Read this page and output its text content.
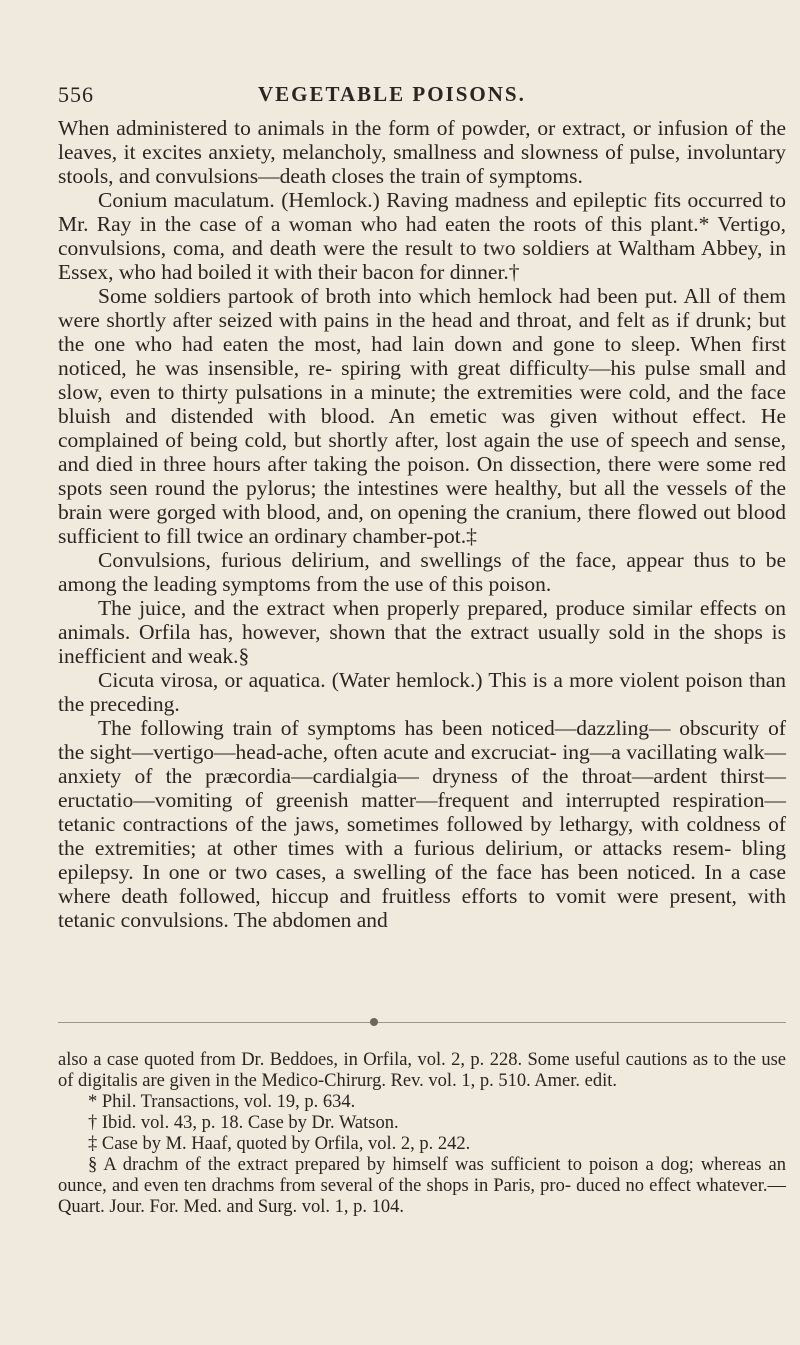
556	VEGETABLE POISONS.

When administered to animals in the form of powder, or extract, or infusion of the leaves, it excites anxiety, melancholy, smallness and slowness of pulse, involuntary stools, and convulsions—death closes the train of symptoms.

Conium maculatum. (Hemlock.) Raving madness and epileptic fits occurred to Mr. Ray in the case of a woman who had eaten the roots of this plant.* Vertigo, convulsions, coma, and death were the result to two soldiers at Waltham Abbey, in Essex, who had boiled it with their bacon for dinner.†

Some soldiers partook of broth into which hemlock had been put. All of them were shortly after seized with pains in the head and throat, and felt as if drunk; but the one who had eaten the most, had lain down and gone to sleep. When first noticed, he was insensible, re- spiring with great difficulty—his pulse small and slow, even to thirty pulsations in a minute; the extremities were cold, and the face bluish and distended with blood. An emetic was given without effect. He complained of being cold, but shortly after, lost again the use of speech and sense, and died in three hours after taking the poison. On dissection, there were some red spots seen round the pylorus; the intestines were healthy, but all the vessels of the brain were gorged with blood, and, on opening the cranium, there flowed out blood sufficient to fill twice an ordinary chamber-pot.‡

Convulsions, furious delirium, and swellings of the face, appear thus to be among the leading symptoms from the use of this poison.

The juice, and the extract when properly prepared, produce similar effects on animals. Orfila has, however, shown that the extract usually sold in the shops is inefficient and weak.§

Cicuta virosa, or aquatica. (Water hemlock.) This is a more violent poison than the preceding.

The following train of symptoms has been noticed—dazzling— obscurity of the sight—vertigo—head-ache, often acute and excruciat- ing—a vacillating walk—anxiety of the præcordia—cardialgia— dryness of the throat—ardent thirst—eructatio—vomiting of greenish matter—frequent and interrupted respiration—tetanic contractions of the jaws, sometimes followed by lethargy, with coldness of the extremities; at other times with a furious delirium, or attacks resem- bling epilepsy. In one or two cases, a swelling of the face has been noticed. In a case where death followed, hiccup and fruitless efforts to vomit were present, with tetanic convulsions. The abdomen and

also a case quoted from Dr. Beddoes, in Orfila, vol. 2, p. 228. Some useful cautions as to the use of digitalis are given in the Medico-Chirurg. Rev. vol. 1, p. 510. Amer. edit.

* Phil. Transactions, vol. 19, p. 634.

† Ibid. vol. 43, p. 18. Case by Dr. Watson.

‡ Case by M. Haaf, quoted by Orfila, vol. 2, p. 242.

§ A drachm of the extract prepared by himself was sufficient to poison a dog; whereas an ounce, and even ten drachms from several of the shops in Paris, pro- duced no effect whatever.—Quart. Jour. For. Med. and Surg. vol. 1, p. 104.
